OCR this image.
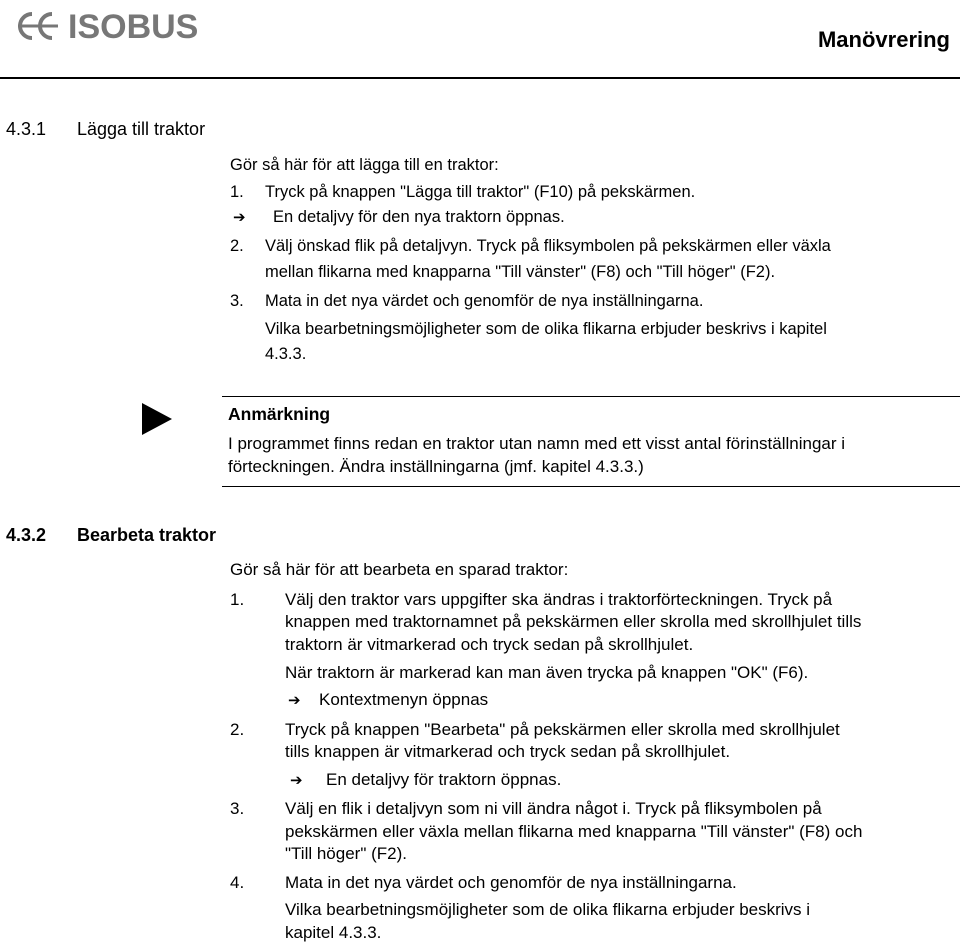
ISOBUS	Manövrering
4.3.1 Lägga till traktor
Gör så här för att lägga till en traktor:
1. Tryck på knappen "Lägga till traktor" (F10) på pekskärmen.
➔ En detaljvy för den nya traktorn öppnas.
2. Välj önskad flik på detaljvyn. Tryck på fliksymbolen på pekskärmen eller växla
mellan flikarna med knapparna "Till vänster" (F8) och "Till höger" (F2).
3. Mata in det nya värdet och genomför de nya inställningarna.
Vilka bearbetningsmöjligheter som de olika flikarna erbjuder beskrivs i kapitel
4.3.3.
Anmärkning
I programmet finns redan en traktor utan namn med ett visst antal förinställningar i
förteckningen. Ändra inställningarna (jmf. kapitel 4.3.3.)
4.3.2 Bearbeta traktor
Gör så här för att bearbeta en sparad traktor:
1. Välj den traktor vars uppgifter ska ändras i traktorförteckningen. Tryck på
knappen med traktornamnet på pekskärmen eller skrolla med skrollhjulet tills
traktorn är vitmarkerad och tryck sedan på skrollhjulet.
När traktorn är markerad kan man även trycka på knappen "OK" (F6).
➔ Kontextmenyn öppnas
2. Tryck på knappen "Bearbeta" på pekskärmen eller skrolla med skrollhjulet
tills knappen är vitmarkerad och tryck sedan på skrollhjulet.
➔ En detaljvy för traktorn öppnas.
3. Välj en flik i detaljvyn som ni vill ändra något i. Tryck på fliksymbolen på
pekskärmen eller växla mellan flikarna med knapparna "Till vänster" (F8) och
"Till höger" (F2).
4. Mata in det nya värdet och genomför de nya inställningarna.
Vilka bearbetningsmöjligheter som de olika flikarna erbjuder beskrivs i
kapitel 4.3.3.
